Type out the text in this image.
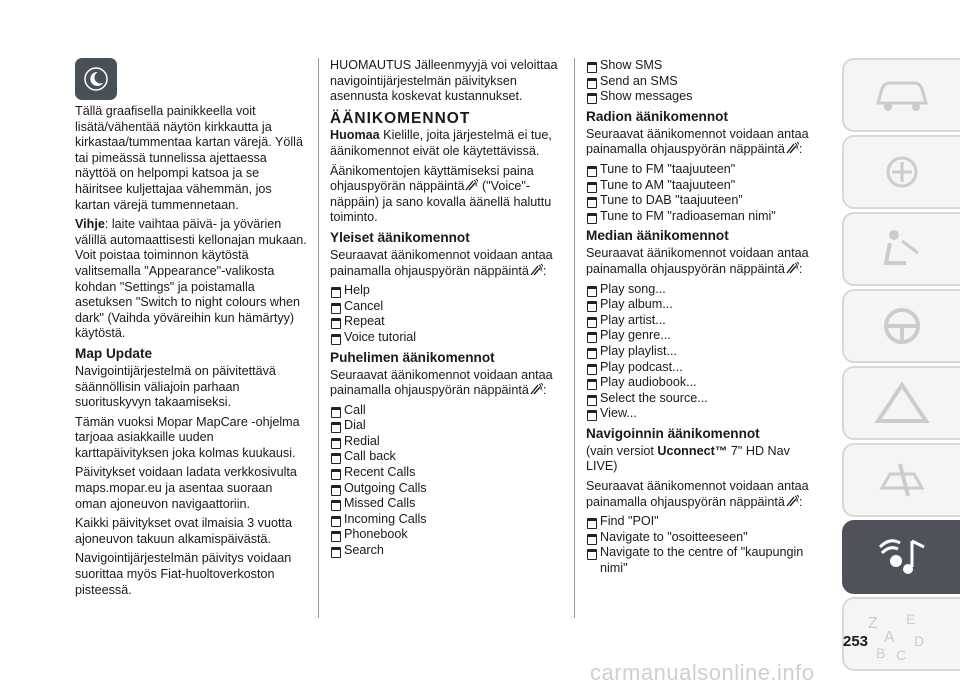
Tällä graafisella painikkeella voit lisätä/vähentää näytön kirkkautta ja kirkastaa/tummentaa kartan värejä. Yöllä tai pimeässä tunnelissa ajettaessa näyttöä on helpompi katsoa ja se häiritsee kuljettajaa vähemmän, jos kartan värejä tummennetaan.

Vihje: laite vaihtaa päivä- ja yövärien välillä automaattisesti kellonajan mukaan. Voit poistaa toiminnon käytöstä valitsemalla "Appearance"-valikosta kohdan "Settings" ja poistamalla asetuksen "Switch to night colours when dark" (Vaihda yöväreihin kun hämärtyy) käytöstä.

Map Update

Navigointijärjestelmä on päivitettävä säännöllisin väliajoin parhaan suorituskyvyn takaamiseksi.

Tämän vuoksi Mopar MapCare -ohjelma tarjoaa asiakkaille uuden karttapäivityksen joka kolmas kuukausi.

Päivitykset voidaan ladata verkkosivulta maps.mopar.eu ja asentaa suoraan oman ajoneuvon navigaattoriin.

Kaikki päivitykset ovat ilmaisia 3 vuotta ajoneuvon takuun alkamispäivästä.

Navigointijärjestelmän päivitys voidaan suorittaa myös Fiat-huoltoverkoston pisteessä.

HUOMAUTUS Jälleenmyyjä voi veloittaa navigointijärjestelmän päivityksen asennusta koskevat kustannukset.

ÄÄNIKOMENNOT

Huomaa Kielille, joita järjestelmä ei tue, äänikomennot eivät ole käytettävissä.

Äänikomentojen käyttämiseksi paina ohjauspyörän näppäintä ("Voice"-näppäin) ja sano kovalla äänellä haluttu toiminto.

Yleiset äänikomennot

Seuraavat äänikomennot voidaan antaa painamalla ohjauspyörän näppäintä :

Help
Cancel
Repeat
Voice tutorial
Puhelimen äänikomennot

Seuraavat äänikomennot voidaan antaa painamalla ohjauspyörän näppäintä :

Call
Dial
Redial
Call back
Recent Calls
Outgoing Calls
Missed Calls
Incoming Calls
Phonebook
Search
Show SMS
Send an SMS
Show messages
Radion äänikomennot

Seuraavat äänikomennot voidaan antaa painamalla ohjauspyörän näppäintä :

Tune to FM "taajuuteen"
Tune to AM "taajuuteen"
Tune to DAB "taajuuteen”
Tune to FM "radioaseman nimi"
Median äänikomennot

Seuraavat äänikomennot voidaan antaa painamalla ohjauspyörän näppäintä :

Play song...
Play album...
Play artist...
Play genre...
Play playlist...
Play podcast...
Play audiobook...
Select the source...
View...
Navigoinnin äänikomennot

(vain versiot Uconnect™ 7" HD Nav LIVE)

Seuraavat äänikomennot voidaan antaa painamalla ohjauspyörän näppäintä :

Find "POI"
Navigate to "osoitteeseen"
Navigate to the centre of "kaupungin nimi"
Z E
A D
B C
253
carmanualsonline.info
